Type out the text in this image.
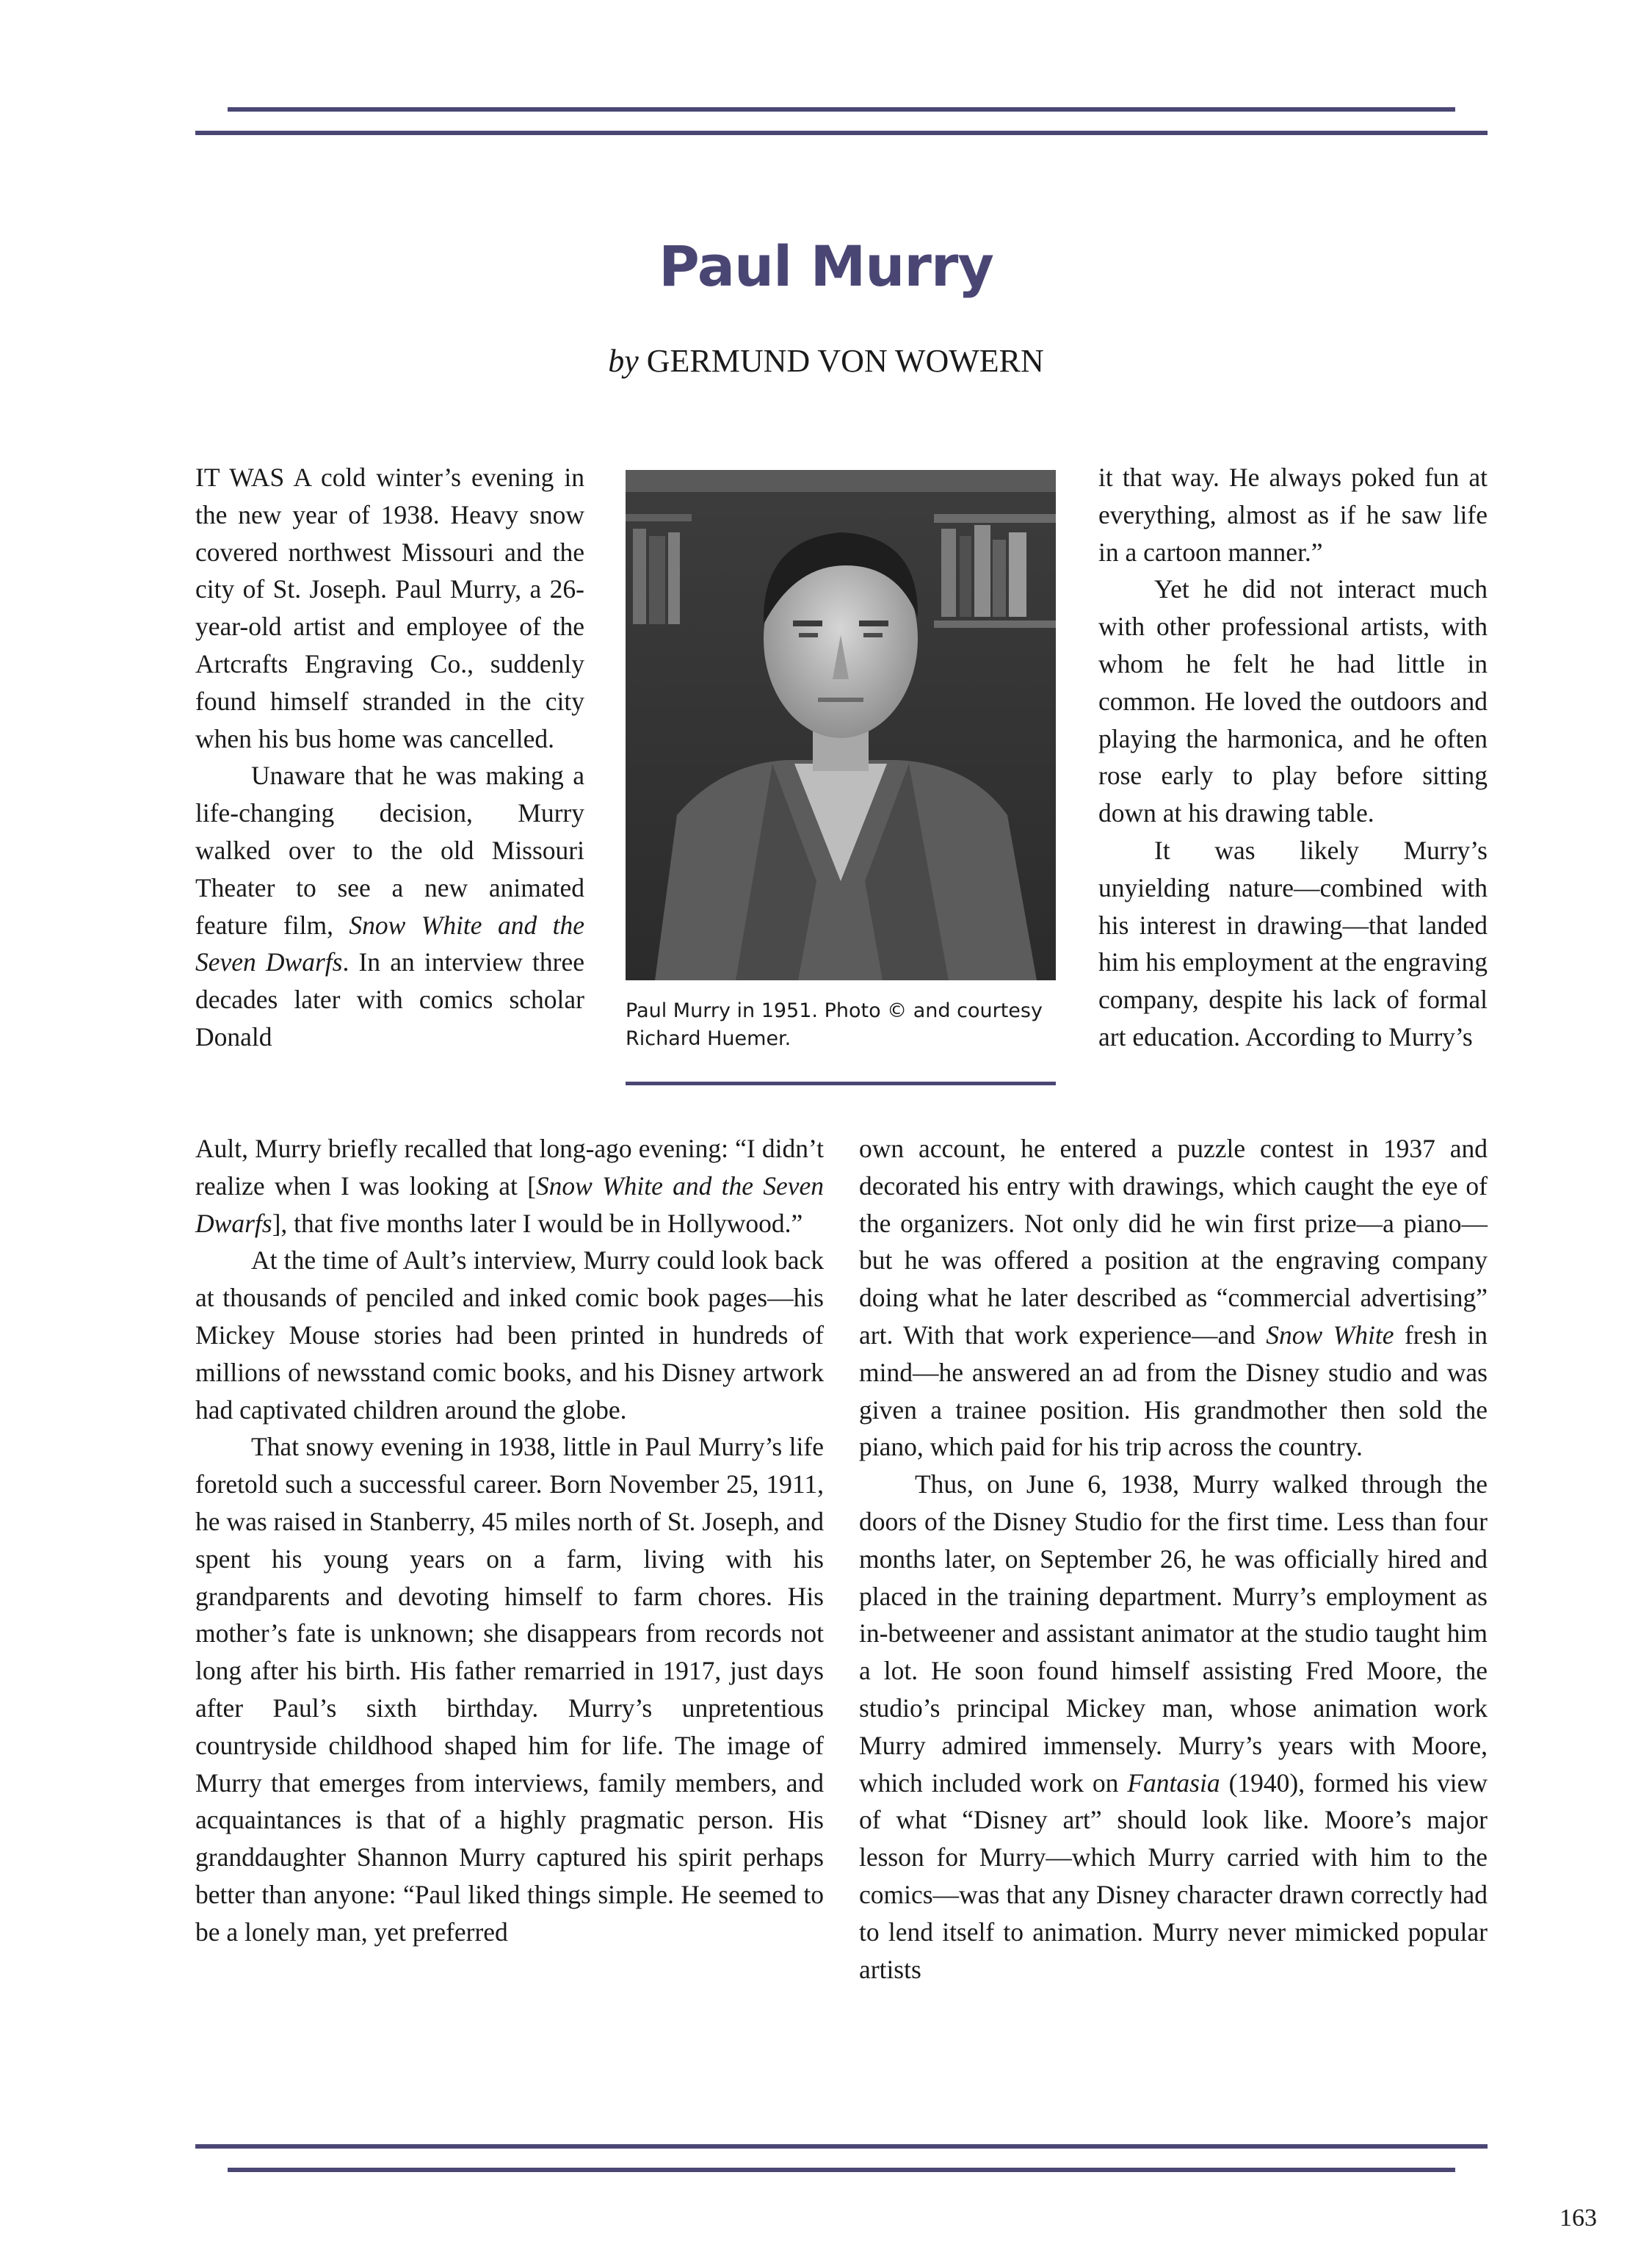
Paul Murry
by GERMUND VON WOWERN

IT WAS A cold winter’s evening in the new year of 1938. Heavy snow covered northwest Missouri and the city of St. Joseph. Paul Murry, a 26-year-old artist and employee of the Artcrafts Engraving Co., suddenly found himself stranded in the city when his bus home was cancelled.

Unaware that he was making a life-changing decision, Murry walked over to the old Missouri Theater to see a new animated feature film, Snow White and the Seven Dwarfs. In an interview three decades later with comics scholar Donald

Paul Murry in 1951. Photo © and courtesy Richard Huemer.

Ault, Murry briefly recalled that long-ago evening: “I didn’t realize when I was looking at [Snow White and the Seven Dwarfs], that five months later I would be in Hollywood.”

At the time of Ault’s interview, Murry could look back at thousands of penciled and inked comic book pages—his Mickey Mouse stories had been printed in hundreds of millions of newsstand comic books, and his Disney artwork had captivated children around the globe.

That snowy evening in 1938, little in Paul Murry’s life foretold such a successful career. Born November 25, 1911, he was raised in Stanberry, 45 miles north of St. Joseph, and spent his young years on a farm, living with his grandparents and devoting himself to farm chores. His mother’s fate is unknown; she disappears from records not long after his birth. His father remarried in 1917, just days after Paul’s sixth birthday. Murry’s unpretentious countryside childhood shaped him for life. The image of Murry that emerges from interviews, family members, and acquaintances is that of a highly pragmatic person. His granddaughter Shannon Murry captured his spirit perhaps better than anyone: “Paul liked things simple. He seemed to be a lonely man, yet preferred

it that way. He always poked fun at everything, almost as if he saw life in a cartoon manner.”

Yet he did not interact much with other professional artists, with whom he felt he had little in common. He loved the outdoors and playing the harmonica, and he often rose early to play before sitting down at his drawing table.

It was likely Murry’s unyielding nature—combined with his interest in drawing—that landed him his employment at the engraving company, despite his lack of formal art education. According to Murry’s

own account, he entered a puzzle contest in 1937 and decorated his entry with drawings, which caught the eye of the organizers. Not only did he win first prize—a piano—but he was offered a position at the engraving company doing what he later described as “commercial advertising” art. With that work experience—and Snow White fresh in mind—he answered an ad from the Disney studio and was given a trainee position. His grandmother then sold the piano, which paid for his trip across the country.

Thus, on June 6, 1938, Murry walked through the doors of the Disney Studio for the first time. Less than four months later, on September 26, he was officially hired and placed in the training department. Murry’s employment as in-betweener and assistant animator at the studio taught him a lot. He soon found himself assisting Fred Moore, the studio’s principal Mickey man, whose animation work Murry admired immensely. Murry’s years with Moore, which included work on Fantasia (1940), formed his view of what “Disney art” should look like. Moore’s major lesson for Murry—which Murry carried with him to the comics—was that any Disney character drawn correctly had to lend itself to animation. Murry never mimicked popular artists

163
